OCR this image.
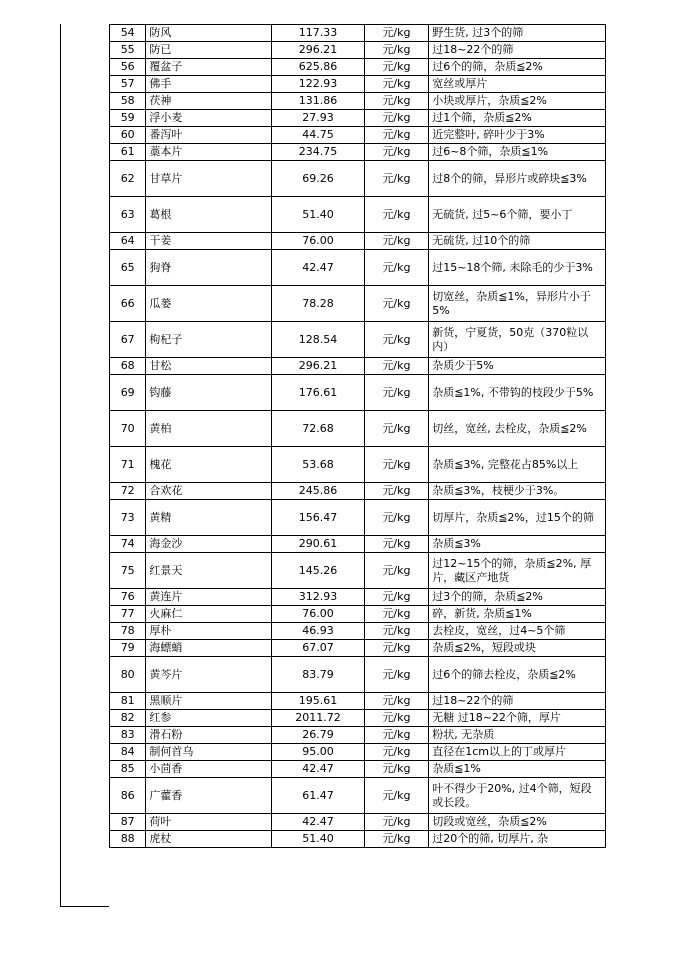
54	防风	117.33	元/kg	野生货, 过3个的筛
55	防已	296.21	元/kg	过18~22个的筛
56	覆盆子	625.86	元/kg	过6个的筛，杂质≦2%
57	佛手	122.93	元/kg	宽丝或厚片
58	茯神	131.86	元/kg	小块或厚片，杂质≦2%
59	浮小麦	27.93	元/kg	过1个筛，杂质≦2%
60	番泻叶	44.75	元/kg	近完整叶, 碎叶少于3%
61	藁本片	234.75	元/kg	过6~8个筛，杂质≦1%
62	甘草片	69.26	元/kg	过8个的筛，异形片或碎块≦3%
63	葛根	51.40	元/kg	无硫货, 过5~6个筛，要小丁
64	干姜	76.00	元/kg	无硫货, 过10个的筛
65	狗脊	42.47	元/kg	过15~18个筛, 未除毛的少于3%
66	瓜蒌	78.28	元/kg	切宽丝，杂质≦1%，异形片小于5%
67	枸杞子	128.54	元/kg	新货，宁夏货，50克（370粒以内）
68	甘松	296.21	元/kg	杂质少于5%
69	钩藤	176.61	元/kg	杂质≦1%, 不带钩的枝段少于5%
70	黄柏	72.68	元/kg	切丝，宽丝, 去栓皮，杂质≦2%
71	槐花	53.68	元/kg	杂质≦3%, 完整花占85%以上
72	合欢花	245.86	元/kg	杂质≦3%，枝梗少于3%。
73	黄精	156.47	元/kg	切厚片，杂质≦2%，过15个的筛
74	海金沙	290.61	元/kg	杂质≦3%
75	红景天	145.26	元/kg	过12~15个的筛，杂质≦2%, 厚片，藏区产地货
76	黄连片	312.93	元/kg	过3个的筛，杂质≦2%
77	火麻仁	76.00	元/kg	碎，新货, 杂质≦1%
78	厚朴	46.93	元/kg	去栓皮，宽丝，过4~5个筛
79	海螵蛸	67.07	元/kg	杂质≦2%，短段或块
80	黄芩片	83.79	元/kg	过6个的筛去栓皮，杂质≦2%
81	黑顺片	195.61	元/kg	过18~22个的筛
82	红参	2011.72	元/kg	无糖 过18~22个筛，厚片
83	滑石粉	26.79	元/kg	粉状, 无杂质
84	制何首乌	95.00	元/kg	直径在1cm以上的丁或厚片
85	小茴香	42.47	元/kg	杂质≦1%
86	广藿香	61.47	元/kg	叶不得少于20%, 过4个筛，短段或长段。
87	荷叶	42.47	元/kg	切段或宽丝，杂质≦2%
88	虎杖	51.40	元/kg	过20个的筛, 切厚片, 杂
